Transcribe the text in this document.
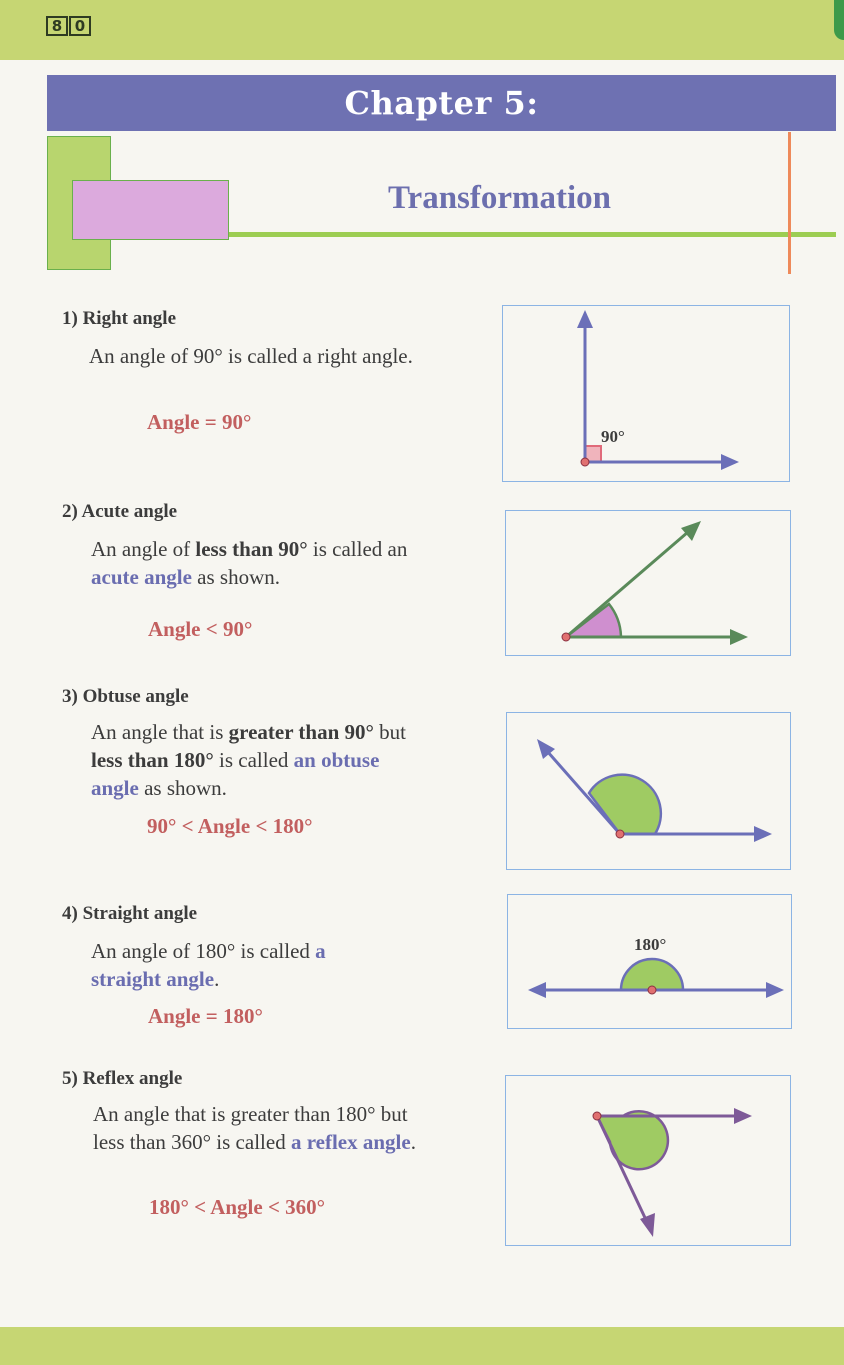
8 0
Chapter 5:
Transformation
1) Right angle
An angle of 90° is called a right angle.
Angle = 90°
90°
2) Acute angle
An angle of less than 90° is called an acute angle as shown.
Angle < 90°
3) Obtuse angle
An angle that is greater than 90° but less than 180° is called an obtuse angle as shown.
90° < Angle < 180°
4) Straight angle
An angle of 180° is called a straight angle.
Angle = 180°
180°
5) Reflex angle
An angle that is greater than 180° but less than 360° is called a reflex angle.
180° < Angle < 360°
